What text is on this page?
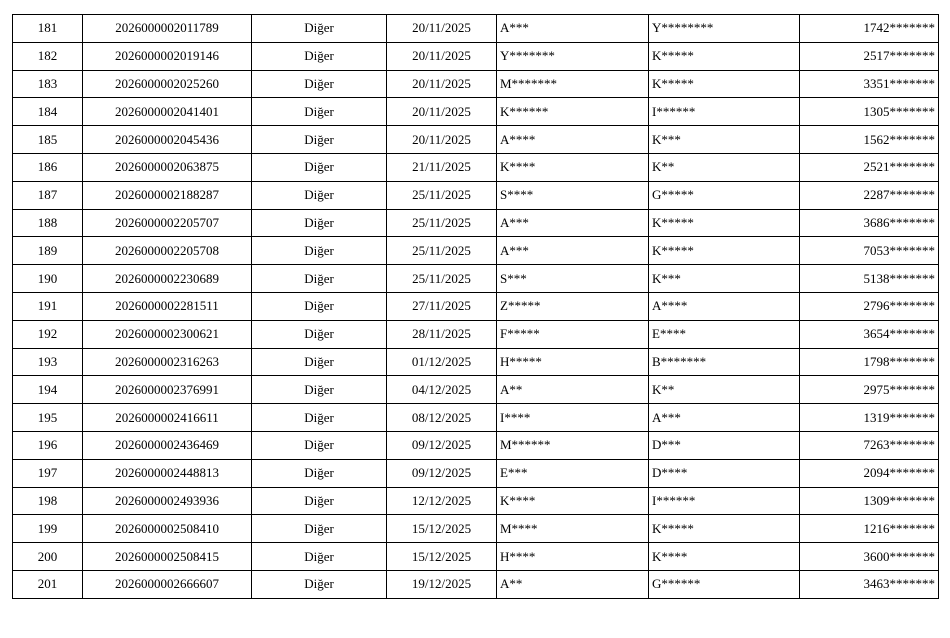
181	2026000002011789	Diğer	20/11/2025	A***	Y********	1742*******
182	2026000002019146	Diğer	20/11/2025	Y*******	K*****	2517*******
183	2026000002025260	Diğer	20/11/2025	M*******	K*****	3351*******
184	2026000002041401	Diğer	20/11/2025	K******	I******	1305*******
185	2026000002045436	Diğer	20/11/2025	A****	K***	1562*******
186	2026000002063875	Diğer	21/11/2025	K****	K**	2521*******
187	2026000002188287	Diğer	25/11/2025	S****	G*****	2287*******
188	2026000002205707	Diğer	25/11/2025	A***	K*****	3686*******
189	2026000002205708	Diğer	25/11/2025	A***	K*****	7053*******
190	2026000002230689	Diğer	25/11/2025	S***	K***	5138*******
191	2026000002281511	Diğer	27/11/2025	Z*****	A****	2796*******
192	2026000002300621	Diğer	28/11/2025	F*****	E****	3654*******
193	2026000002316263	Diğer	01/12/2025	H*****	B*******	1798*******
194	2026000002376991	Diğer	04/12/2025	A**	K**	2975*******
195	2026000002416611	Diğer	08/12/2025	I****	A***	1319*******
196	2026000002436469	Diğer	09/12/2025	M******	D***	7263*******
197	2026000002448813	Diğer	09/12/2025	E***	D****	2094*******
198	2026000002493936	Diğer	12/12/2025	K****	I******	1309*******
199	2026000002508410	Diğer	15/12/2025	M****	K*****	1216*******
200	2026000002508415	Diğer	15/12/2025	H****	K****	3600*******
201	2026000002666607	Diğer	19/12/2025	A**	G******	3463*******
